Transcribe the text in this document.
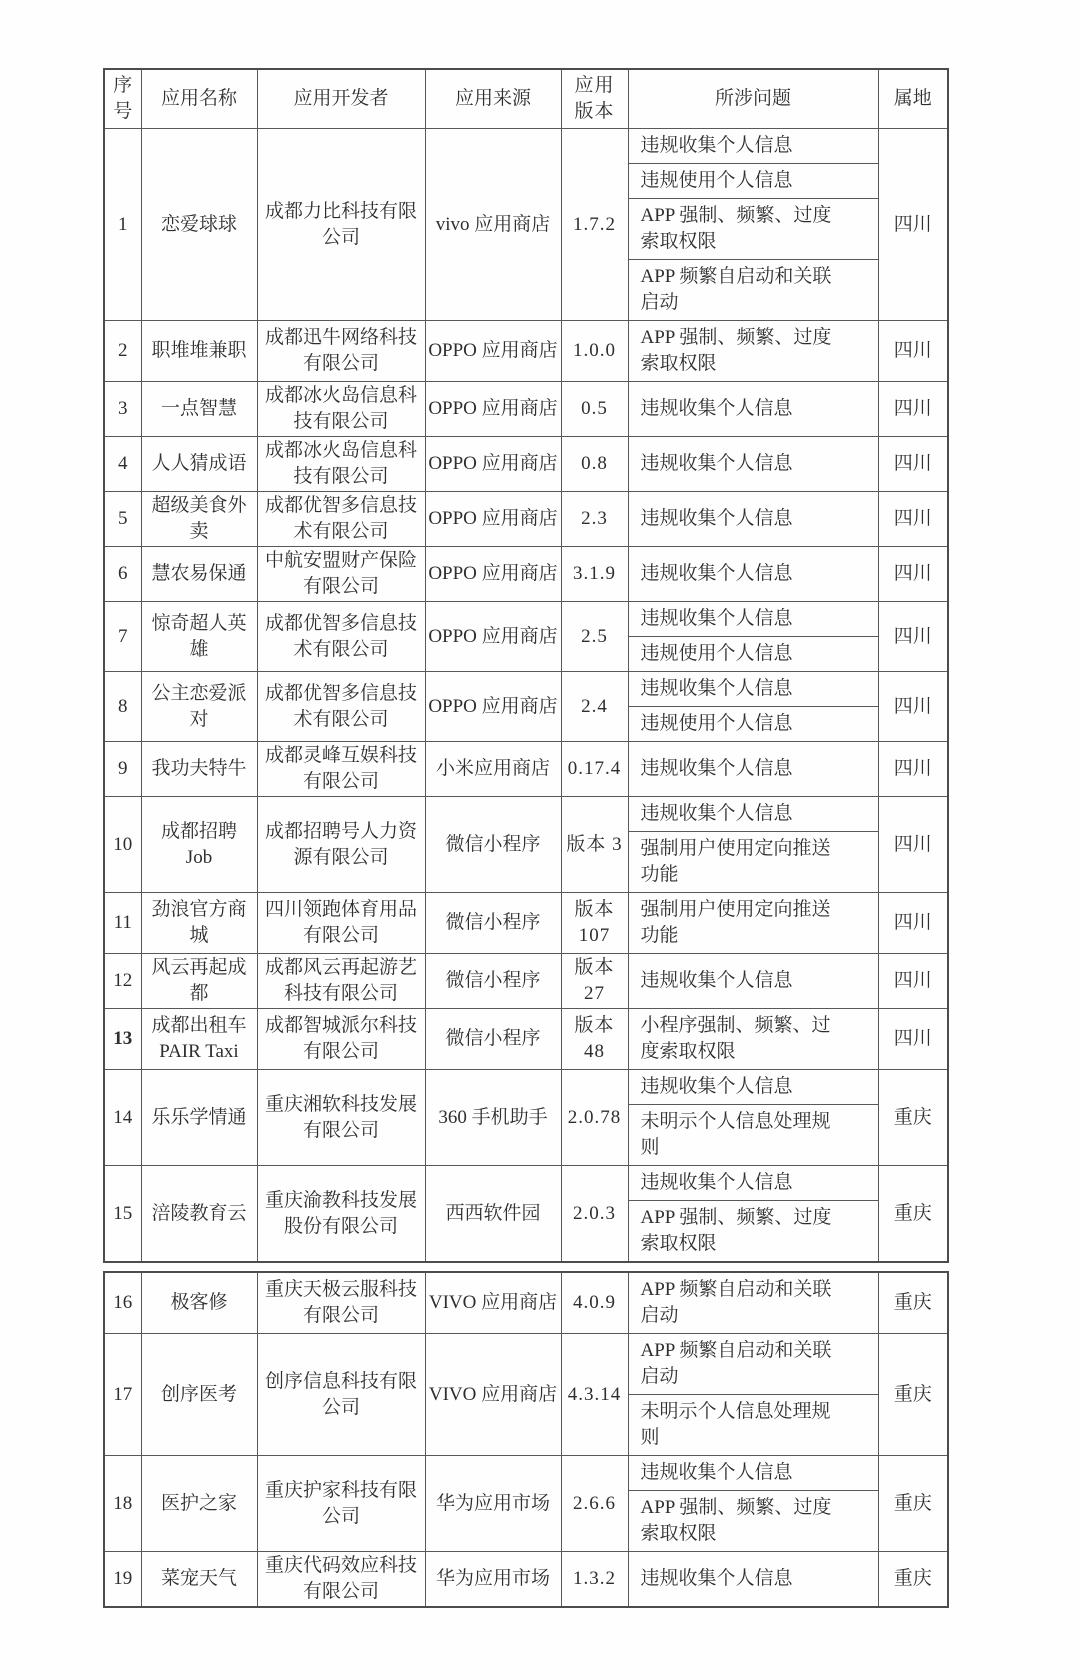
序号	应用名称	应用开发者	应用来源	应用版本	所涉问题	属地
1	恋爱球球	成都力比科技有限公司	vivo 应用商店	1.7.2	违规收集个人信息
违规使用个人信息
APP 强制、频繁、过度索取权限
APP 频繁自启动和关联启动	四川
2	职堆堆兼职	成都迅牛网络科技有限公司	OPPO 应用商店	1.0.0	APP 强制、频繁、过度索取权限	四川
3	一点智慧	成都冰火岛信息科技有限公司	OPPO 应用商店	0.5	违规收集个人信息	四川
4	人人猜成语	成都冰火岛信息科技有限公司	OPPO 应用商店	0.8	违规收集个人信息	四川
5	超级美食外卖	成都优智多信息技术有限公司	OPPO 应用商店	2.3	违规收集个人信息	四川
6	慧农易保通	中航安盟财产保险有限公司	OPPO 应用商店	3.1.9	违规收集个人信息	四川
7	惊奇超人英雄	成都优智多信息技术有限公司	OPPO 应用商店	2.5	违规收集个人信息
违规使用个人信息	四川
8	公主恋爱派对	成都优智多信息技术有限公司	OPPO 应用商店	2.4	违规收集个人信息
违规使用个人信息	四川
9	我功夫特牛	成都灵峰互娱科技有限公司	小米应用商店	0.17.4	违规收集个人信息	四川
10	成都招聘 Job	成都招聘号人力资源有限公司	微信小程序	版本 3	违规收集个人信息
强制用户使用定向推送功能	四川
11	劲浪官方商城	四川领跑体育用品有限公司	微信小程序	版本 107	强制用户使用定向推送功能	四川
12	风云再起成都	成都风云再起游艺科技有限公司	微信小程序	版本 27	违规收集个人信息	四川
13	成都出租车 PAIR Taxi	成都智城派尔科技有限公司	微信小程序	版本 48	小程序强制、频繁、过度索取权限	四川
14	乐乐学情通	重庆湘软科技发展有限公司	360 手机助手	2.0.78	违规收集个人信息
未明示个人信息处理规则	重庆
15	涪陵教育云	重庆渝教科技发展股份有限公司	西西软件园	2.0.3	违规收集个人信息
APP 强制、频繁、过度索取权限	重庆
16	极客修	重庆天极云服科技有限公司	VIVO 应用商店	4.0.9	APP 频繁自启动和关联启动	重庆
17	创序医考	创序信息科技有限公司	VIVO 应用商店	4.3.14	APP 频繁自启动和关联启动
未明示个人信息处理规则	重庆
18	医护之家	重庆护家科技有限公司	华为应用市场	2.6.6	违规收集个人信息
APP 强制、频繁、过度索取权限	重庆
19	菜宠天气	重庆代码效应科技有限公司	华为应用市场	1.3.2	违规收集个人信息	重庆
